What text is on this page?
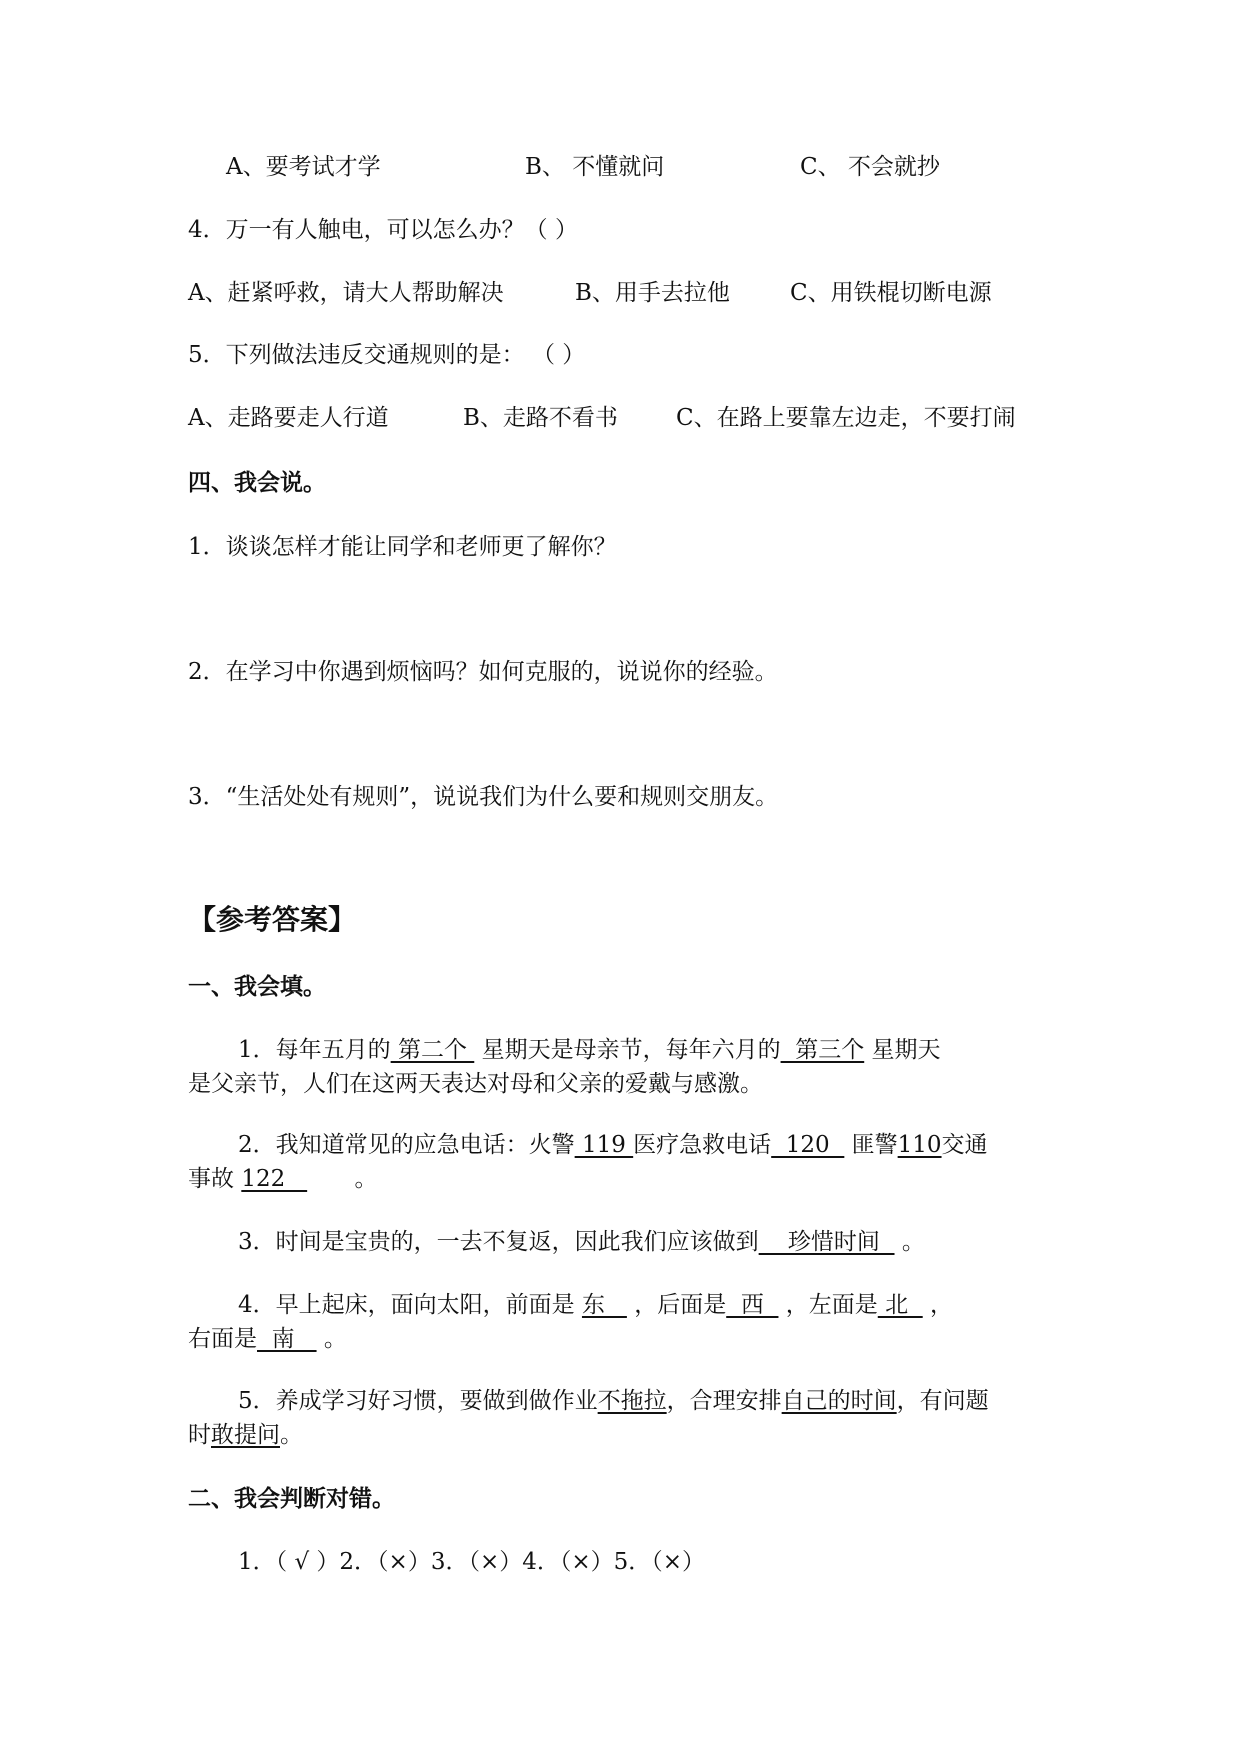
A、要考试才学	B、 不懂就问	C、 不会就抄
4．万一有人触电，可以怎么办？（ ）
A、赶紧呼救，请大人帮助解决	B、用手去拉他	C、用铁棍切断电源
5．下列做法违反交通规则的是： （ ）
A、走路要走人行道	B、走路不看书	C、在路上要靠左边走，不要打闹
四、我会说。
1．谈谈怎样才能让同学和老师更了解你？
2．在学习中你遇到烦恼吗？如何克服的，说说你的经验。
3．“生活处处有规则”，说说我们为什么要和规则交朋友。
【参考答案】
一、我会填。
1．每年五月的 第二个  星期天是母亲节，每年六月的  第三个 星期天
是父亲节，人们在这两天表达对母和父亲的爱戴与感激。
2．我知道常见的应急电话：火警 119 医疗急救电话  120   匪警110交通
事故 122    。
3．时间是宝贵的，一去不复返，因此我们应该做到    珍惜时间   。
4．早上起床，面向太阳，前面是 东    ，后面是  西   ，左面是 北   ，
右面是  南    。
5．养成学习好习惯，要做到做作业不拖拉，合理安排自己的时间，有问题
时敢提问。
二、我会判断对错。
1．（ √ ）2．（×）3．（×）4．（×）5．（×）
